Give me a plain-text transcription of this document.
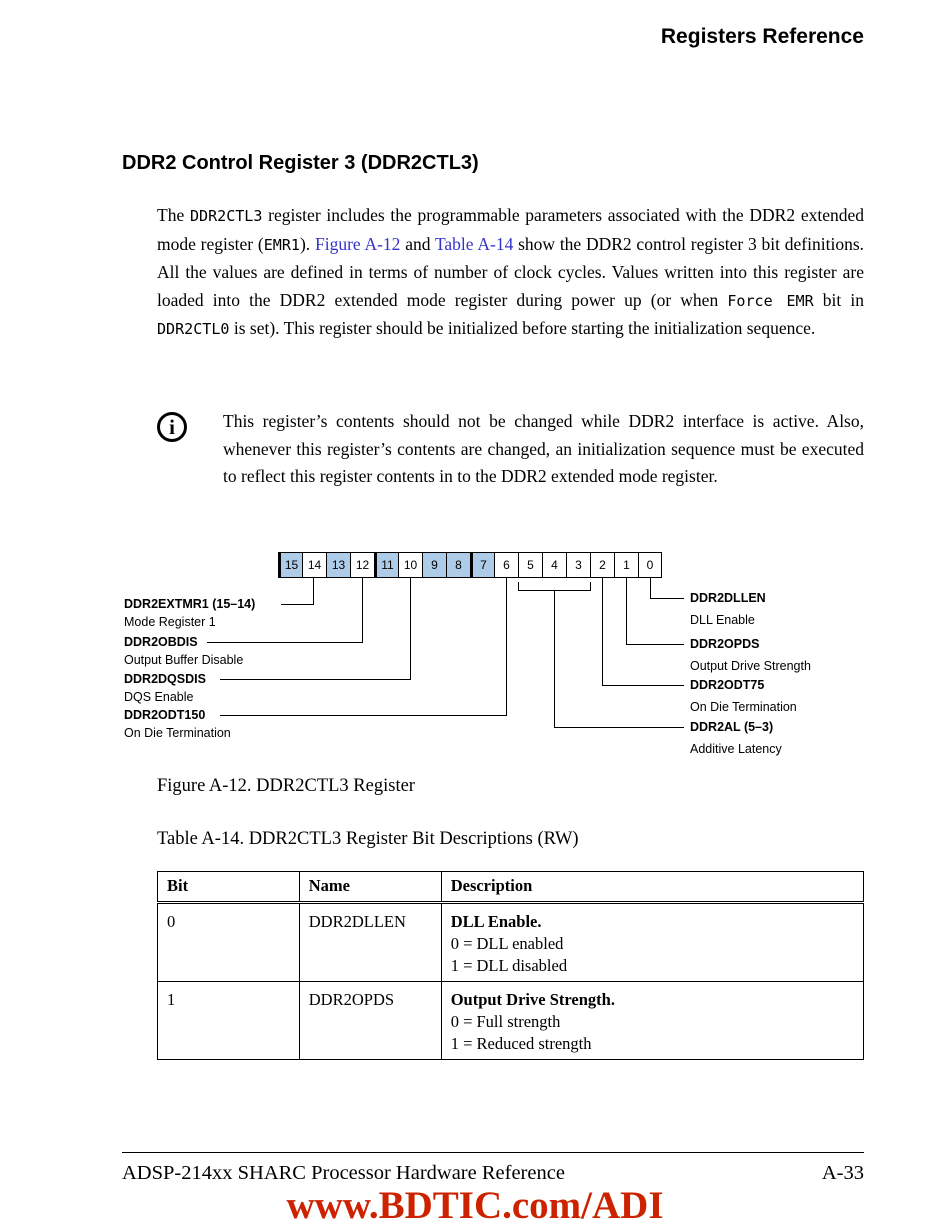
Registers Reference
DDR2 Control Register 3 (DDR2CTL3)
The DDR2CTL3 register includes the programmable parameters associated with the DDR2 extended mode register (EMR1). Figure A-12 and Table A-14 show the DDR2 control register 3 bit definitions. All the values are defined in terms of number of clock cycles. Values written into this register are loaded into the DDR2 extended mode register during power up (or when Force EMR bit in DDR2CTL0 is set). This register should be initialized before starting the initialization sequence.
i	This register’s contents should not be changed while DDR2 interface is active. Also, whenever this register’s contents are changed, an initialization sequence must be executed to reflect this register contents in to the DDR2 extended mode register.
15 14 13 12	11 10	9	8	7	6	5	4	3	2	1	0
DDR2EXTMR1 (15–14)
Mode Register 1
DDR2OBDIS
Output Buffer Disable
DDR2DQSDIS
DQS Enable
DDR2ODT150
On Die Termination
DDR2DLLEN
DLL Enable
DDR2OPDS
Output Drive Strength
DDR2ODT75
On Die Termination
DDR2AL (5–3)
Additive Latency
Figure A-12. DDR2CTL3 Register
Table A-14. DDR2CTL3 Register Bit Descriptions (RW)
Bit	Name	Description
0	DDR2DLLEN	DLL Enable.
0 = DLL enabled
1 = DLL disabled

1	DDR2OPDS	Output Drive Strength.
0 = Full strength
1 = Reduced strength
ADSP-214xx SHARC Processor Hardware Reference	A-33
www.BDTIC.com/ADI
